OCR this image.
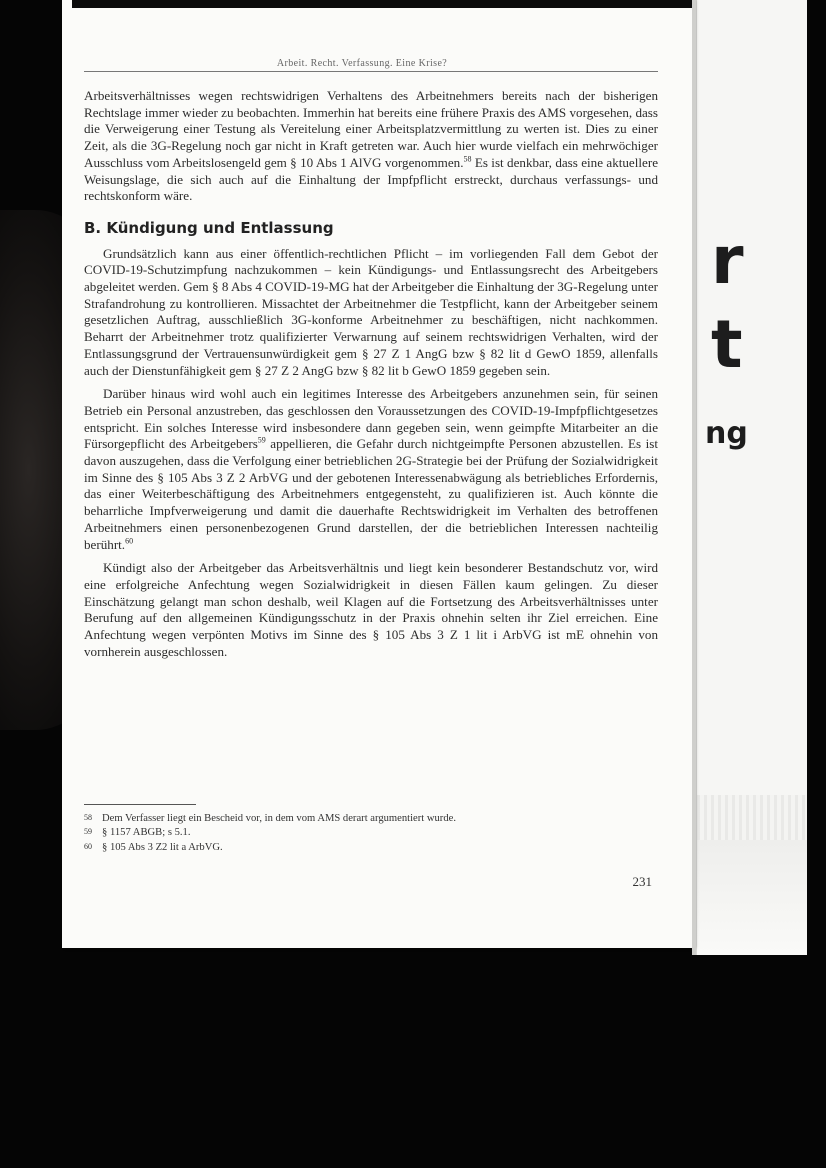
r
t
ng
Arbeit. Recht. Verfassung. Eine Krise?

Arbeitsverhältnisses wegen rechtswidrigen Verhaltens des Arbeitnehmers bereits nach der bisherigen Rechtslage immer wieder zu beobachten. Immerhin hat bereits eine frühere Praxis des AMS vorgesehen, dass die Verweigerung einer Testung als Vereitelung einer Arbeitsplatzvermittlung zu werten ist. Dies zu einer Zeit, als die 3G-Regelung noch gar nicht in Kraft getreten war. Auch hier wurde vielfach ein mehrwöchiger Ausschluss vom Arbeitslosengeld gem § 10 Abs 1 AlVG vorgenommen.$^{58}$ Es ist denkbar, dass eine aktuellere Weisungslage, die sich auch auf die Einhaltung der Impfpflicht erstreckt, durchaus verfassungs- und rechtskonform wäre.

B. Kündigung und Entlassung

Grundsätzlich kann aus einer öffentlich-rechtlichen Pflicht – im vorliegenden Fall dem Gebot der COVID-19-Schutzimpfung nachzukommen – kein Kündigungs- und Entlassungsrecht des Arbeitgebers abgeleitet werden. Gem § 8 Abs 4 COVID-19-MG hat der Arbeitgeber die Einhaltung der 3G-Regelung unter Strafandrohung zu kontrollieren. Missachtet der Arbeitnehmer die Testpflicht, kann der Arbeitgeber seinem gesetzlichen Auftrag, ausschließlich 3G-konforme Arbeitnehmer zu beschäftigen, nicht nachkommen. Beharrt der Arbeitnehmer trotz qualifizierter Verwarnung auf seinem rechtswidrigen Verhalten, wird der Entlassungsgrund der Vertrauensunwürdigkeit gem § 27 Z 1 AngG bzw § 82 lit d GewO 1859, allenfalls auch der Dienstunfähigkeit gem § 27 Z 2 AngG bzw § 82 lit b GewO 1859 gegeben sein.

Darüber hinaus wird wohl auch ein legitimes Interesse des Arbeitgebers anzunehmen sein, für seinen Betrieb ein Personal anzustreben, das geschlossen den Voraussetzungen des COVID-19-Impfpflichtgesetzes entspricht. Ein solches Interesse wird insbesondere dann gegeben sein, wenn geimpfte Mitarbeiter an die Fürsorgepflicht des Arbeitgebers$^{59}$ appellieren, die Gefahr durch nichtgeimpfte Personen abzustellen. Es ist davon auszugehen, dass die Verfolgung einer betrieblichen 2G-Strategie bei der Prüfung der Sozialwidrigkeit im Sinne des § 105 Abs 3 Z 2 ArbVG und der gebotenen Interessenabwägung als betriebliches Erfordernis, das einer Weiterbeschäftigung des Arbeitnehmers entgegensteht, zu qualifizieren ist. Auch könnte die beharrliche Impfverweigerung und damit die dauerhafte Rechtswidrigkeit im Verhalten des betroffenen Arbeitnehmers einen personenbezogenen Grund darstellen, der die betrieblichen Interessen nachteilig berührt.$^{60}$

Kündigt also der Arbeitgeber das Arbeitsverhältnis und liegt kein besonderer Bestandschutz vor, wird eine erfolgreiche Anfechtung wegen Sozialwidrigkeit in diesen Fällen kaum gelingen. Zu dieser Einschätzung gelangt man schon deshalb, weil Klagen auf die Fortsetzung des Arbeitsverhältnisses unter Berufung auf den allgemeinen Kündigungsschutz in der Praxis ohnehin selten ihr Ziel erreichen. Eine Anfechtung wegen verpönten Motivs im Sinne des § 105 Abs 3 Z 1 lit i ArbVG ist mE ohnehin von vornherein ausgeschlossen.

58 Dem Verfasser liegt ein Bescheid vor, in dem vom AMS derart argumentiert wurde.
59 § 1157 ABGB; s 5.1.
60 § 105 Abs 3 Z2 lit a ArbVG.
231
